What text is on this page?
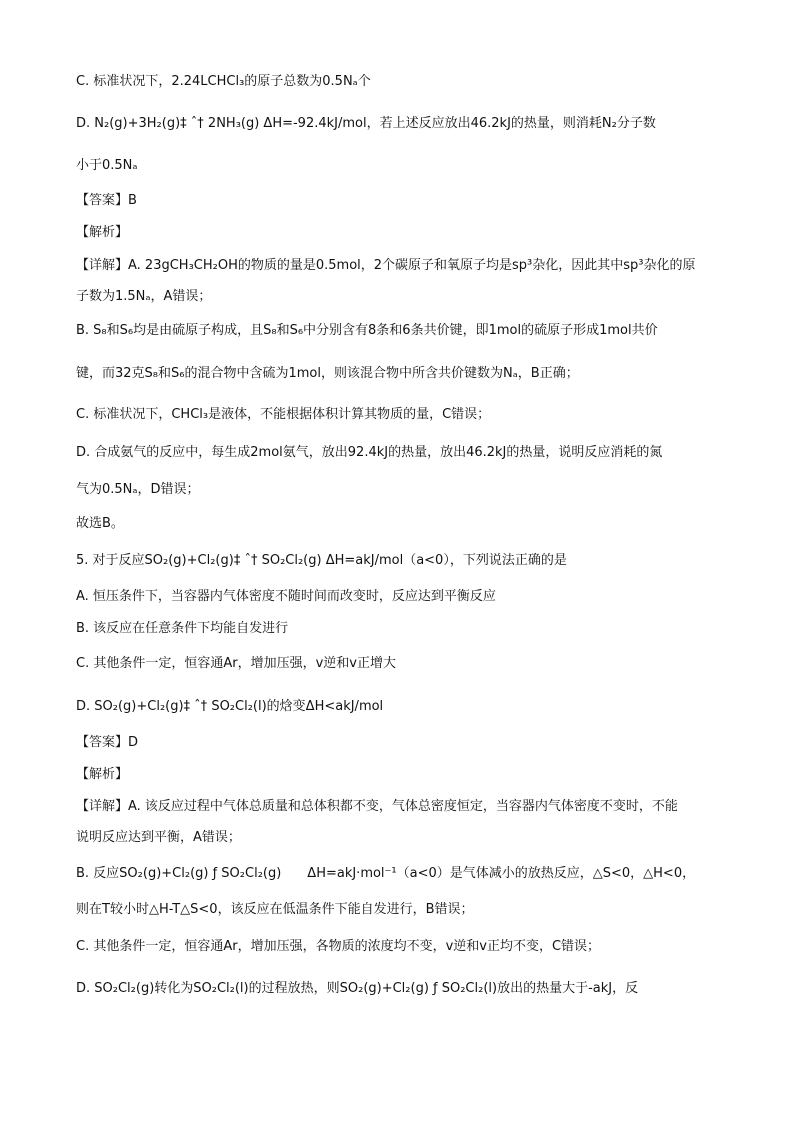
C. 标准状况下，2.24LCHCl₃的原子总数为0.5Nₐ个
D. N₂(g)+3H₂(g)‡ ˆ† 2NH₃(g) ΔH=-92.4kJ/mol，若上述反应放出46.2kJ的热量，则消耗N₂分子数
小于0.5Nₐ
【答案】B
【解析】
【详解】A. 23gCH₃CH₂OH的物质的量是0.5mol，2个碳原子和氧原子均是sp³杂化，因此其中sp³杂化的原
子数为1.5Nₐ，A错误；
B. S₈和S₆均是由硫原子构成，且S₈和S₆中分别含有8条和6条共价键，即1mol的硫原子形成1mol共价
键，而32克S₈和S₆的混合物中含硫为1mol，则该混合物中所含共价键数为Nₐ，B正确；
C. 标准状况下，CHCl₃是液体，不能根据体积计算其物质的量，C错误；
D. 合成氨气的反应中，每生成2mol氨气，放出92.4kJ的热量，放出46.2kJ的热量，说明反应消耗的氮
气为0.5Nₐ，D错误；
故选B。
5. 对于反应SO₂(g)+Cl₂(g)‡ ˆ† SO₂Cl₂(g) ΔH=akJ/mol（a<0），下列说法正确的是
A. 恒压条件下，当容器内气体密度不随时间而改变时，反应达到平衡反应
B. 该反应在任意条件下均能自发进行
C. 其他条件一定，恒容通Ar，增加压强，v逆和v正增大
D. SO₂(g)+Cl₂(g)‡ ˆ† SO₂Cl₂(l)的焓变ΔH<akJ/mol
【答案】D
【解析】
【详解】A. 该反应过程中气体总质量和总体积都不变，气体总密度恒定，当容器内气体密度不变时，不能
说明反应达到平衡，A错误；
B. 反应SO₂(g)+Cl₂(g) ƒ SO₂Cl₂(g)　　ΔH=akJ·mol⁻¹（a<0）是气体减小的放热反应，△S<0，△H<0，
则在T较小时△H-T△S<0，该反应在低温条件下能自发进行，B错误；
C. 其他条件一定，恒容通Ar，增加压强，各物质的浓度均不变，v逆和v正均不变，C错误；
D. SO₂Cl₂(g)转化为SO₂Cl₂(l)的过程放热，则SO₂(g)+Cl₂(g) ƒ SO₂Cl₂(l)放出的热量大于-akJ，反
